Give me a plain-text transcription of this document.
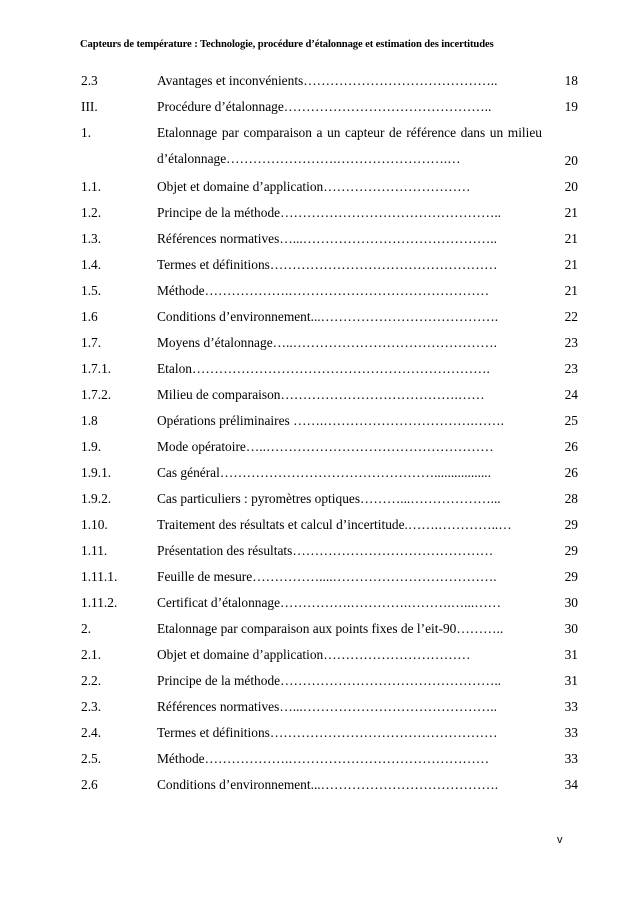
Capteurs de température : Technologie, procédure d’étalonnage et estimation des incertitudes
2.3	Avantages et inconvénients……………………………………..	18
III.	Procédure d’étalonnage………………………………………..	19
1.	Etalonnage par comparaison a un capteur de référence dans un milieu d’étalonnage…………………….…………………….…	20
1.1.	Objet et domaine d’application……………………………	20
1.2.	Principe de la méthode…………………………………………..	21
1.3.	Références normatives…...……………………………………..	21
1.4.	Termes et définitions……………………………………………	21
1.5.	Méthode……………….………………………………………	21
1.6	Conditions d’environnement...………………………………….	22
1.7.	Moyens d’étalonnage…..……………………………………….	23
1.7.1.	Etalon………………………………………………………….	23
1.7.2.	Milieu de comparaison………………………………….……	24
1.8	Opérations préliminaires …….…………………………….…….	25
1.9.	Mode opératoire…..……………………………………………	26
1.9.1.	Cas général………………………………………….................	26
1.9.2.	Cas particuliers : pyromètres optiques………...………………...	28
1.10.	Traitement des résultats et calcul d’incertitude.…….…………..…	29
1.11.	Présentation des résultats………………………………………	29
1.11.1.	Feuille de mesure……………....……………………………….	29
1.11.2.	Certificat d’étalonnage…………….………….……….…...……	30
2.	Etalonnage par comparaison aux points fixes de l’eit-90………..	30
2.1.	Objet et domaine d’application……………………………	31
2.2.	Principe de la méthode…………………………………………..	31
2.3.	Références normatives…...……………………………………..	33
2.4.	Termes et définitions……………………………………………	33
2.5.	Méthode……………….………………………………………	33
2.6	Conditions d’environnement...………………………………….	34
v
